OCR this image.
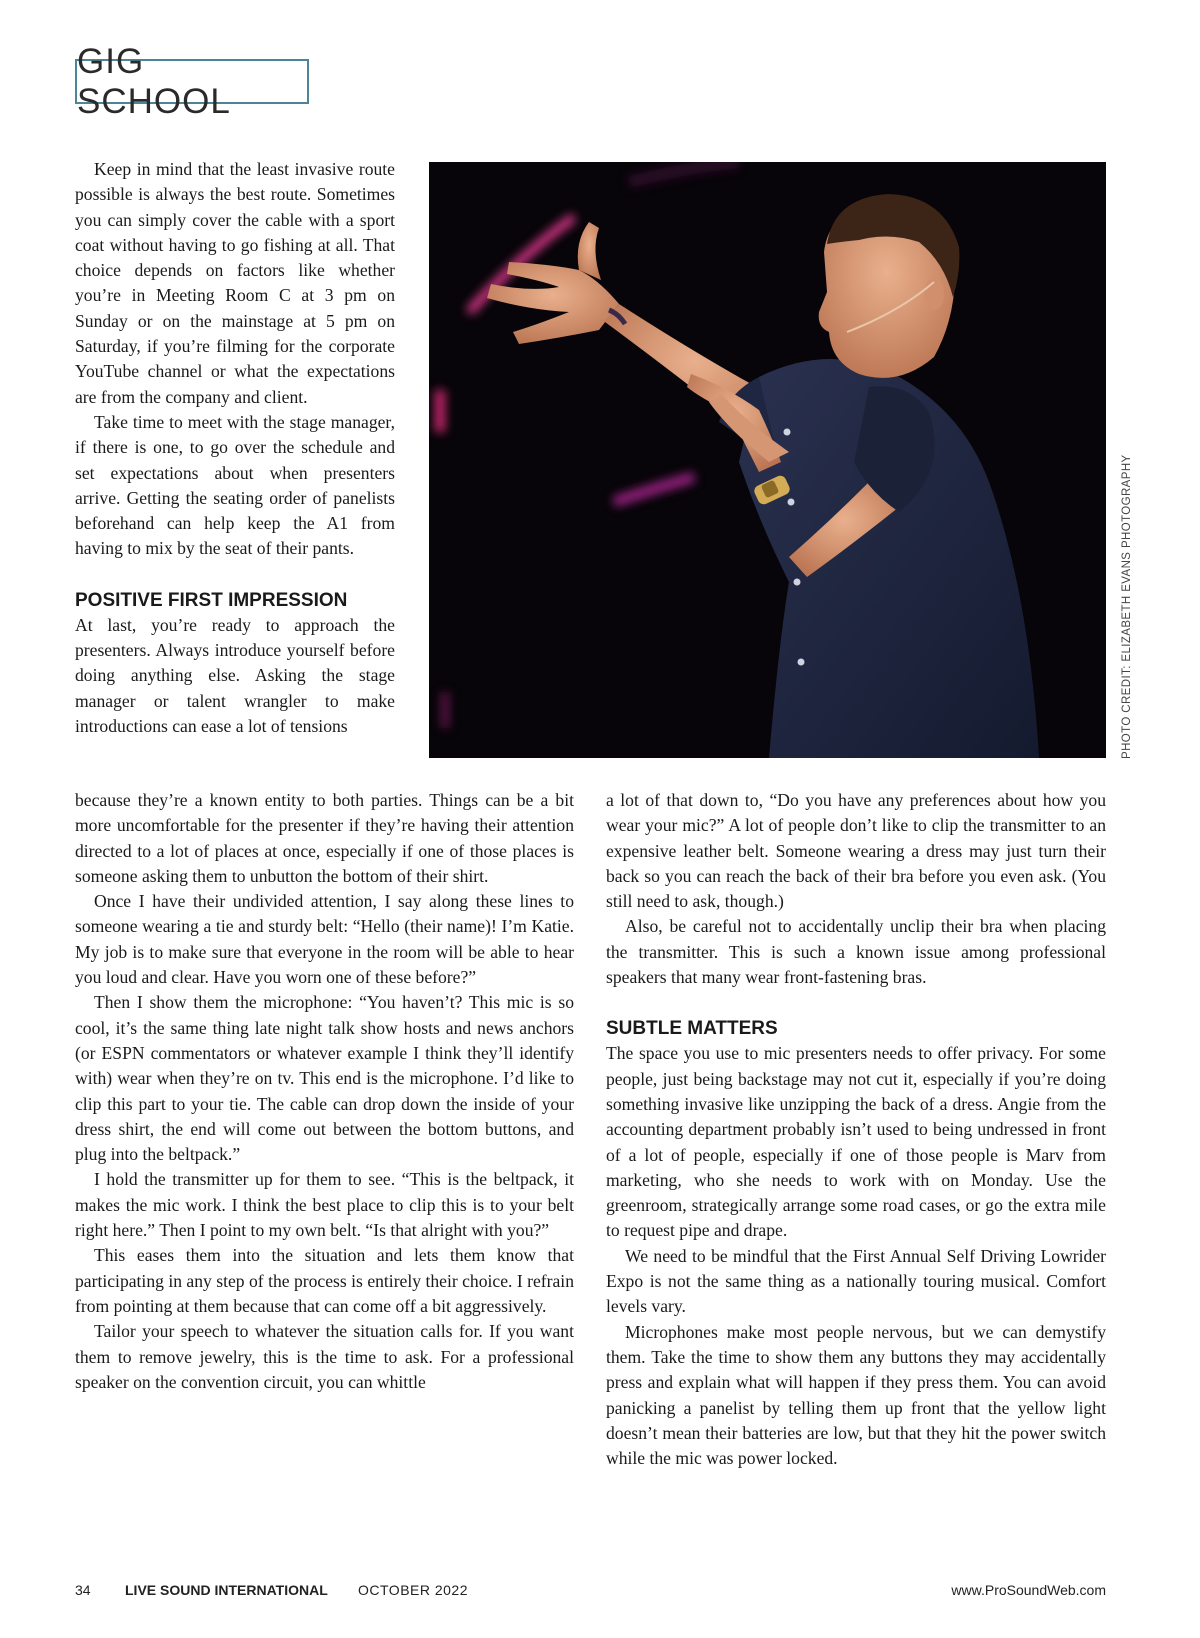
GIG SCHOOL
PHOTO CREDIT: ELIZABETH EVANS PHOTOGRAPHY

Keep in mind that the least invasive route possible is always the best route. Sometimes you can simply cover the cable with a sport coat without having to go fishing at all. That choice depends on factors like whether you’re in Meeting Room C at 3 pm on Sunday or on the mainstage at 5 pm on Saturday, if you’re filming for the corporate YouTube channel or what the expectations are from the company and client.

Take time to meet with the stage manager, if there is one, to go over the schedule and set expectations about when presenters arrive. Getting the seating order of panelists beforehand can help keep the A1 from having to mix by the seat of their pants.

POSITIVE FIRST IMPRESSION

At last, you’re ready to approach the presenters. Always introduce yourself before doing anything else. Asking the stage manager or talent wrangler to make introductions can ease a lot of tensions

because they’re a known entity to both parties. Things can be a bit more uncomfortable for the presenter if they’re having their attention directed to a lot of places at once, especially if one of those places is someone asking them to unbutton the bottom of their shirt.

Once I have their undivided attention, I say along these lines to someone wearing a tie and sturdy belt: “Hello (their name)! I’m Katie. My job is to make sure that everyone in the room will be able to hear you loud and clear. Have you worn one of these before?”

Then I show them the microphone: “You haven’t? This mic is so cool, it’s the same thing late night talk show hosts and news anchors (or ESPN commentators or whatever example I think they’ll identify with) wear when they’re on tv. This end is the microphone. I’d like to clip this part to your tie. The cable can drop down the inside of your dress shirt, the end will come out between the bottom buttons, and plug into the beltpack.”

I hold the transmitter up for them to see. “This is the beltpack, it makes the mic work. I think the best place to clip this is to your belt right here.” Then I point to my own belt. “Is that alright with you?”

This eases them into the situation and lets them know that participating in any step of the process is entirely their choice. I refrain from pointing at them because that can come off a bit aggressively.

Tailor your speech to whatever the situation calls for. If you want them to remove jewelry, this is the time to ask. For a professional speaker on the convention circuit, you can whittle

a lot of that down to, “Do you have any preferences about how you wear your mic?” A lot of people don’t like to clip the transmitter to an expensive leather belt. Someone wearing a dress may just turn their back so you can reach the back of their bra before you even ask. (You still need to ask, though.)

Also, be careful not to accidentally unclip their bra when placing the transmitter. This is such a known issue among professional speakers that many wear front-fastening bras.

SUBTLE MATTERS

The space you use to mic presenters needs to offer privacy. For some people, just being backstage may not cut it, especially if you’re doing something invasive like unzipping the back of a dress. Angie from the accounting department probably isn’t used to being undressed in front of a lot of people, especially if one of those people is Marv from marketing, who she needs to work with on Monday. Use the greenroom, strategically arrange some road cases, or go the extra mile to request pipe and drape.

We need to be mindful that the First Annual Self Driving Lowrider Expo is not the same thing as a nationally touring musical. Comfort levels vary.

Microphones make most people nervous, but we can demystify them. Take the time to show them any buttons they may accidentally press and explain what will happen if they press them. You can avoid panicking a panelist by telling them up front that the yellow light doesn’t mean their batteries are low, but that they hit the power switch while the mic was power locked.

34 LIVE SOUND INTERNATIONAL OCTOBER 2022	www.ProSoundWeb.com
